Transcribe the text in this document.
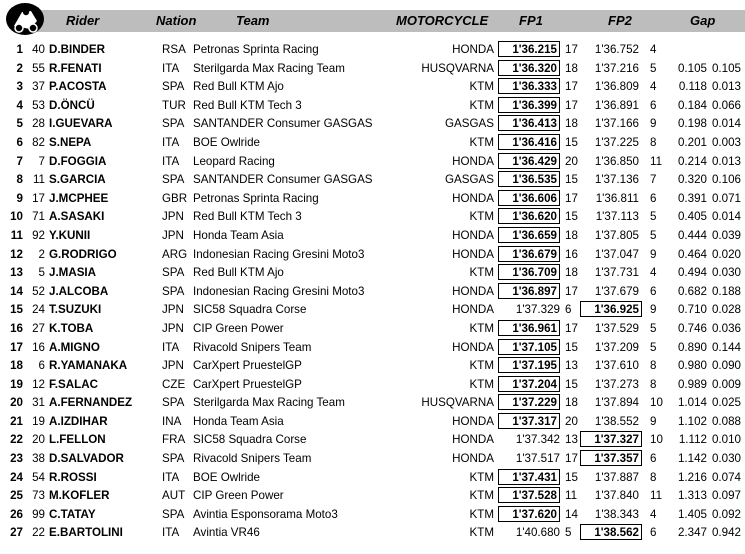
Rider	Nation	Team	MOTORCYCLE FP1	FP2	Gap
1 40 D.BINDER	RSA Petronas Sprinta Racing	HONDA	1'36.215 17	1'36.752 4
2 55 R.FENATI	ITA Sterilgarda Max Racing Team	HUSQVARNA	1'36.320 18	1'37.216 5	0.105 0.105
3 37 P.ACOSTA	SPA Red Bull KTM Ajo	KTM	1'36.333 17	1'36.809 4	0.118 0.013
4 53 D.ÖNCÜ	TUR Red Bull KTM Tech 3	KTM	1'36.399 17	1'36.891 6	0.184 0.066
5 28 I.GUEVARA	SPA SANTANDER Consumer GASGAS	GASGAS	1'36.413 18	1'37.166 9	0.198 0.014
6 82 S.NEPA	ITA BOE Owlride	KTM	1'36.416 15	1'37.225 8	0.201 0.003
7	7 D.FOGGIA	ITA Leopard Racing	HONDA	1'36.429 20	1'36.850 11	0.214 0.013
8 11 S.GARCIA	SPA SANTANDER Consumer GASGAS	GASGAS	1'36.535 15	1'37.136 7	0.320 0.106
9 17 J.MCPHEE	GBR Petronas Sprinta Racing	HONDA	1'36.606 17	1'36.811 6	0.391 0.071
10 71 A.SASAKI	JPN Red Bull KTM Tech 3	KTM	1'36.620 15	1'37.113 5	0.405 0.014
11 92 Y.KUNII	JPN Honda Team Asia	HONDA	1'36.659 18	1'37.805 5	0.444 0.039
12	2 G.RODRIGO	ARG Indonesian Racing Gresini Moto3	HONDA	1'36.679 16	1'37.047 9	0.464 0.020
13	5 J.MASIA	SPA Red Bull KTM Ajo	KTM	1'36.709 18	1'37.731 4	0.494 0.030
14 52 J.ALCOBA	SPA Indonesian Racing Gresini Moto3	HONDA	1'36.897 17	1'37.679 6	0.682 0.188
15 24 T.SUZUKI	JPN SIC58 Squadra Corse	HONDA	1'37.329 6	1'36.925 9	0.710 0.028
16 27 K.TOBA	JPN CIP Green Power	KTM	1'36.961 17	1'37.529 5	0.746 0.036
17 16 A.MIGNO	ITA Rivacold Snipers Team	HONDA	1'37.105 15	1'37.209 5	0.890 0.144
18	6 R.YAMANAKA	JPN CarXpert PruestelGP	KTM	1'37.195 13	1'37.610 8	0.980 0.090
19 12 F.SALAC	CZE CarXpert PruestelGP	KTM	1'37.204 15	1'37.273 8	0.989 0.009
20 31 A.FERNANDEZ	SPA Sterilgarda Max Racing Team	HUSQVARNA	1'37.229 18	1'37.894 10	1.014 0.025
21 19 A.IZDIHAR	INA Honda Team Asia	HONDA	1'37.317 20	1'38.552 9	1.102 0.088
22 20 L.FELLON	FRA SIC58 Squadra Corse	HONDA	1'37.342 13	1'37.327 10	1.112 0.010
23 38 D.SALVADOR	SPA Rivacold Snipers Team	HONDA	1'37.517 17	1'37.357 6	1.142 0.030
24 54 R.ROSSI	ITA BOE Owlride	KTM	1'37.431 15	1'37.887 8	1.216 0.074
25 73 M.KOFLER	AUT CIP Green Power	KTM	1'37.528 11	1'37.840 11	1.313 0.097
26 99 C.TATAY	SPA Avintia Esponsorama Moto3	KTM	1'37.620 14	1'38.343 4	1.405 0.092
27 22 E.BARTOLINI	ITA Avintia VR46	KTM	1'40.680 5	1'38.562 6	2.347 0.942
